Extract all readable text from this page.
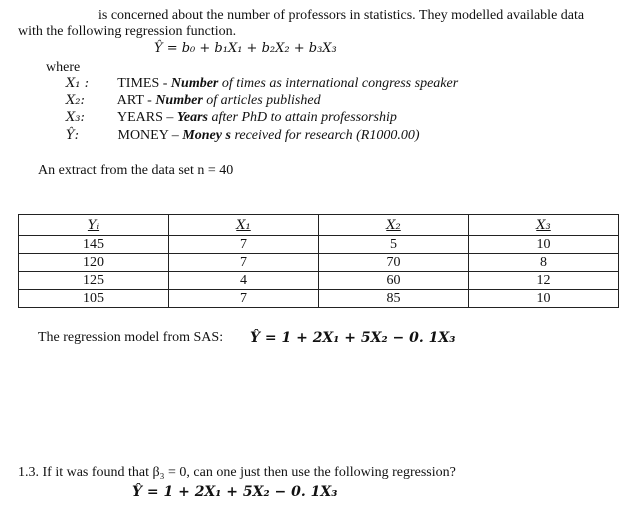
is concerned about the number of professors in statistics. They modelled available data
with the following regression function.
Ŷ = b₀ + b₁X₁ + b₂X₂ + b₃X₃
where
X₁ : TIMES - Number of times as international congress speaker
X₂: ART - Number of articles published
X₃: YEARS – Years after PhD to attain professorship
Ŷ:	MONEY – Money s received for research (R1000.00)
An extract from the data set n = 40
Yᵢ	X₁	X₂	X₃
145	7	5	10
120	7	70	8
125	4	60	12
105	7	85	10
The regression model from SAS: Ŷ = 1 + 2X₁ + 5X₂ − 0. 1X₃
1.3. If it was found that β₃ = 0, can one just then use the following regression?
Ŷ = 1 + 2X₁ + 5X₂ − 0. 1X₃
